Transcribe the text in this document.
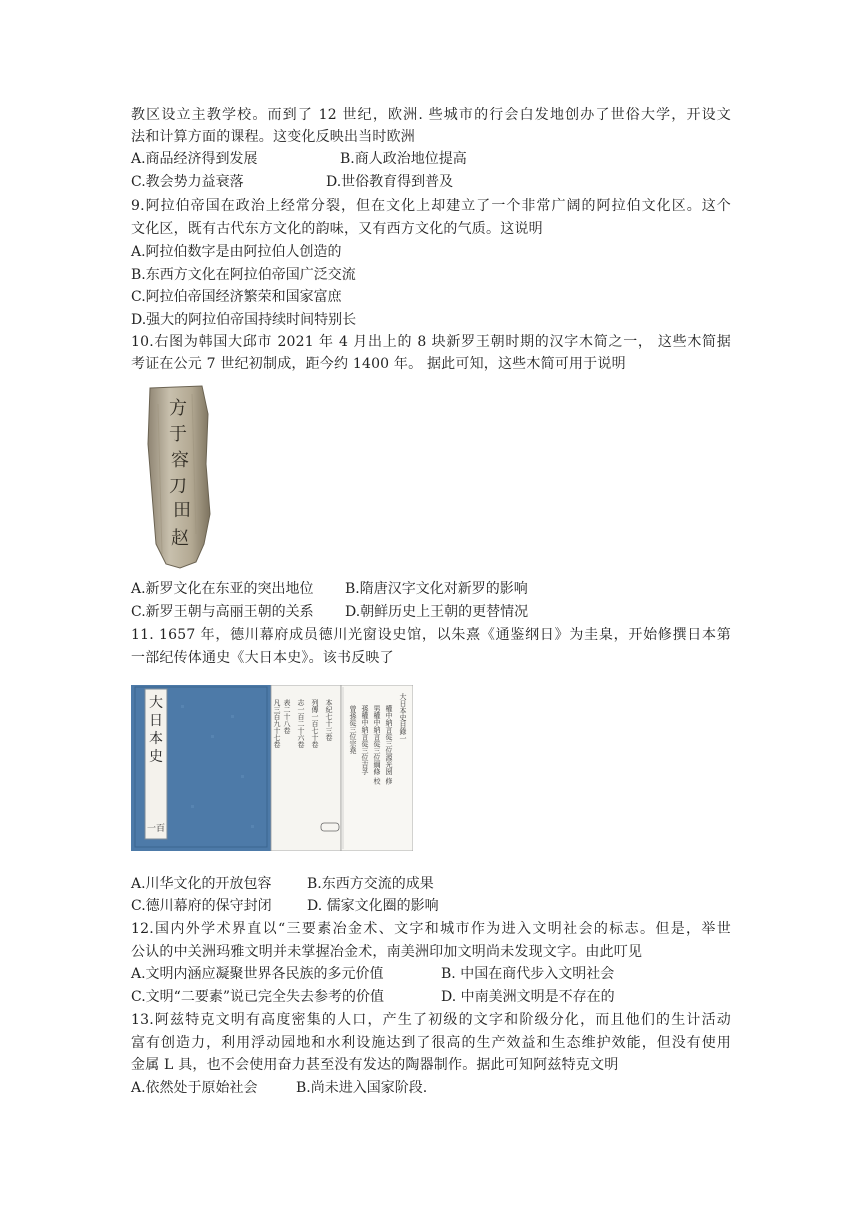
教区设立主教学校。而到了 12 世纪，欧洲. 些城市的行会白发地创办了世俗大学，开设文
法和计算方面的课程。这变化反映出当时欧洲
A.商品经济得到发展	B.商人政治地位提高
C.教会势力益衰落	D.世俗教育得到普及
9.阿拉伯帝国在政治上经常分裂，但在文化上却建立了一个非常广阔的阿拉伯文化区。这个
文化区，既有古代东方文化的韵味，又有西方文化的气质。这说明
A.阿拉伯数字是由阿拉伯人创造的
B.东西方文化在阿拉伯帝国广泛交流
C.阿拉伯帝国经济繁荣和国家富庶
D.强大的阿拉伯帝国持续时间特别长
10.右图为韩国大邱市 2021 年 4 月出上的 8 块新罗王朝时期的汉字木简之一， 这些木简据
考证在公元 7 世纪初制成，距今约 1400 年。 据此可知，这些木简可用于说明
方
于
容
刀
田
赵
A.新罗文化在东亚的突出地位 B.隋唐汉字文化对新罗的影响
C.新罗王朝与高丽王朝的关系 D.朝鲜历史上王朝的更替情况
11. 1657 年，德川幕府成员德川光窗设史馆，以朱熹《通鉴纲日》为圭臬，开始修撰日本第
一部纪传体通史《大日本史》。该书反映了
大
日
本
史
一百
本紀七十三卷
列傳一百七十卷
志一百二十六卷
表二十八卷
凡三百九十七卷	大日本史目錄一
權中納言從三位源光圀 修
男權中納言從三位綱條 校
孫權中納言從三位吉孚
曾孫從三位宗堯
A.川华文化的开放包容	B.东西方交流的成果
C.德川幕府的保守封闭	D. 儒家文化圈的影响
12.国内外学术界直以“三要素冶金术、文字和城市作为进入文明社会的标志。但是，举世
公认的中关洲玛雅文明并未掌握冶金术，南美洲印加文明尚未发现文字。由此叮见
A.文明内涵应凝聚世界各民族的多元价值	B. 中国在商代步入文明社会
C.文明“二要素”说已完全失去参考的价值	D. 中南美洲文明是不存在的
13.阿兹特克文明有高度密集的人口，产生了初级的文字和阶级分化，而且他们的生计活动
富有创造力，利用浮动园地和水利设施达到了很高的生产效益和生态维护效能，但没有使用
金属 L 具，也不会使用奋力甚至没有发达的陶器制作。据此可知阿兹特克文明
A.依然处于原始社会	B.尚未进入国家阶段.
